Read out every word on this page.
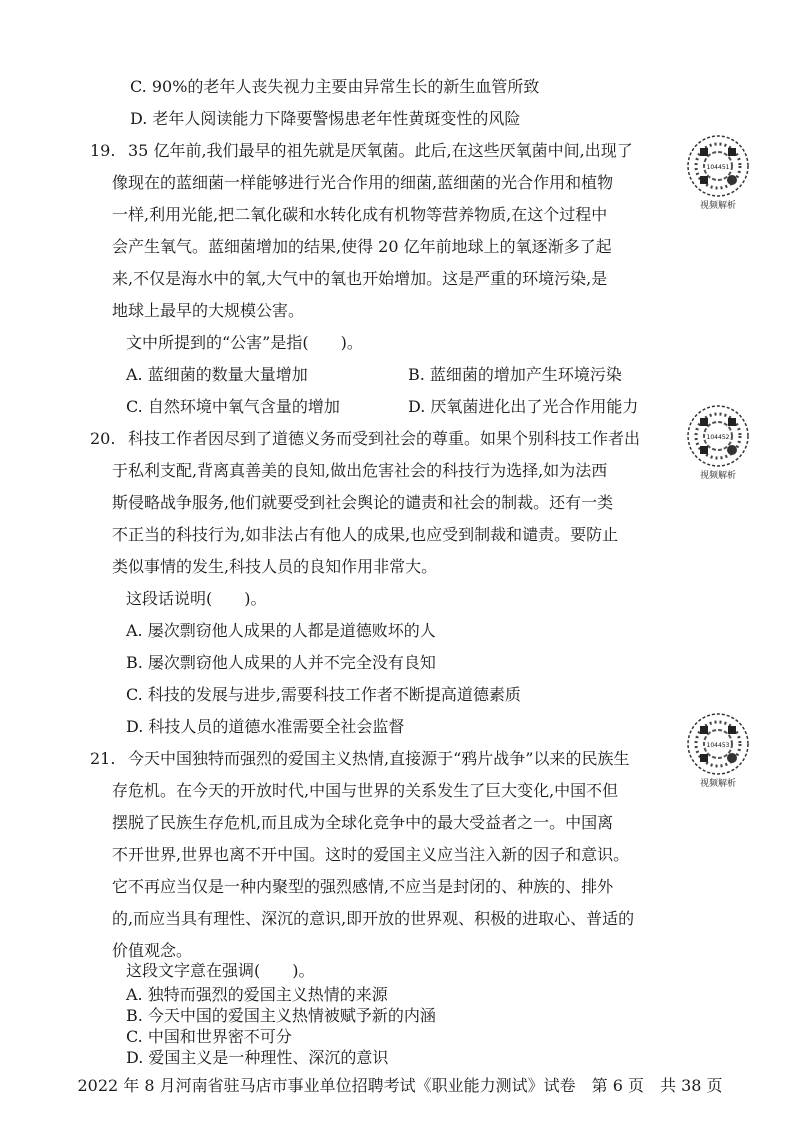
C. 90%的老年人丧失视力主要由异常生长的新生血管所致
D. 老年人阅读能力下降要警惕患老年性黄斑变性的风险
19. 35 亿年前,我们最早的祖先就是厌氧菌。此后,在这些厌氧菌中间,出现了
像现在的蓝细菌一样能够进行光合作用的细菌,蓝细菌的光合作用和植物
一样,利用光能,把二氧化碳和水转化成有机物等营养物质,在这个过程中
会产生氧气。蓝细菌增加的结果,使得 20 亿年前地球上的氧逐渐多了起
来,不仅是海水中的氧,大气中的氧也开始增加。这是严重的环境污染,是
地球上最早的大规模公害。
文中所提到的“公害”是指(　　)。
A. 蓝细菌的数量大量增加	B. 蓝细菌的增加产生环境污染
C. 自然环境中氧气含量的增加	D. 厌氧菌进化出了光合作用能力
104451
视频解析
20. 科技工作者因尽到了道德义务而受到社会的尊重。如果个别科技工作者出
于私利支配,背离真善美的良知,做出危害社会的科技行为选择,如为法西
斯侵略战争服务,他们就要受到社会舆论的谴责和社会的制裁。还有一类
不正当的科技行为,如非法占有他人的成果,也应受到制裁和谴责。要防止
类似事情的发生,科技人员的良知作用非常大。
这段话说明(　　)。
A. 屡次剽窃他人成果的人都是道德败坏的人
B. 屡次剽窃他人成果的人并不完全没有良知
C. 科技的发展与进步,需要科技工作者不断提高道德素质
D. 科技人员的道德水准需要全社会监督
104452
视频解析
21. 今天中国独特而强烈的爱国主义热情,直接源于“鸦片战争”以来的民族生
存危机。在今天的开放时代,中国与世界的关系发生了巨大变化,中国不但
摆脱了民族生存危机,而且成为全球化竞争中的最大受益者之一。中国离
不开世界,世界也离不开中国。这时的爱国主义应当注入新的因子和意识。
它不再应当仅是一种内聚型的强烈感情,不应当是封闭的、种族的、排外
的,而应当具有理性、深沉的意识,即开放的世界观、积极的进取心、普适的
价值观念。
这段文字意在强调(　　)。
104453
视频解析
2022 年 8 月河南省驻马店市事业单位招聘考试《职业能力测试》试卷　第 6 页　共 38 页
A. 独特而强烈的爱国主义热情的来源
B. 今天中国的爱国主义热情被赋予新的内涵
C. 中国和世界密不可分
D. 爱国主义是一种理性、深沉的意识
